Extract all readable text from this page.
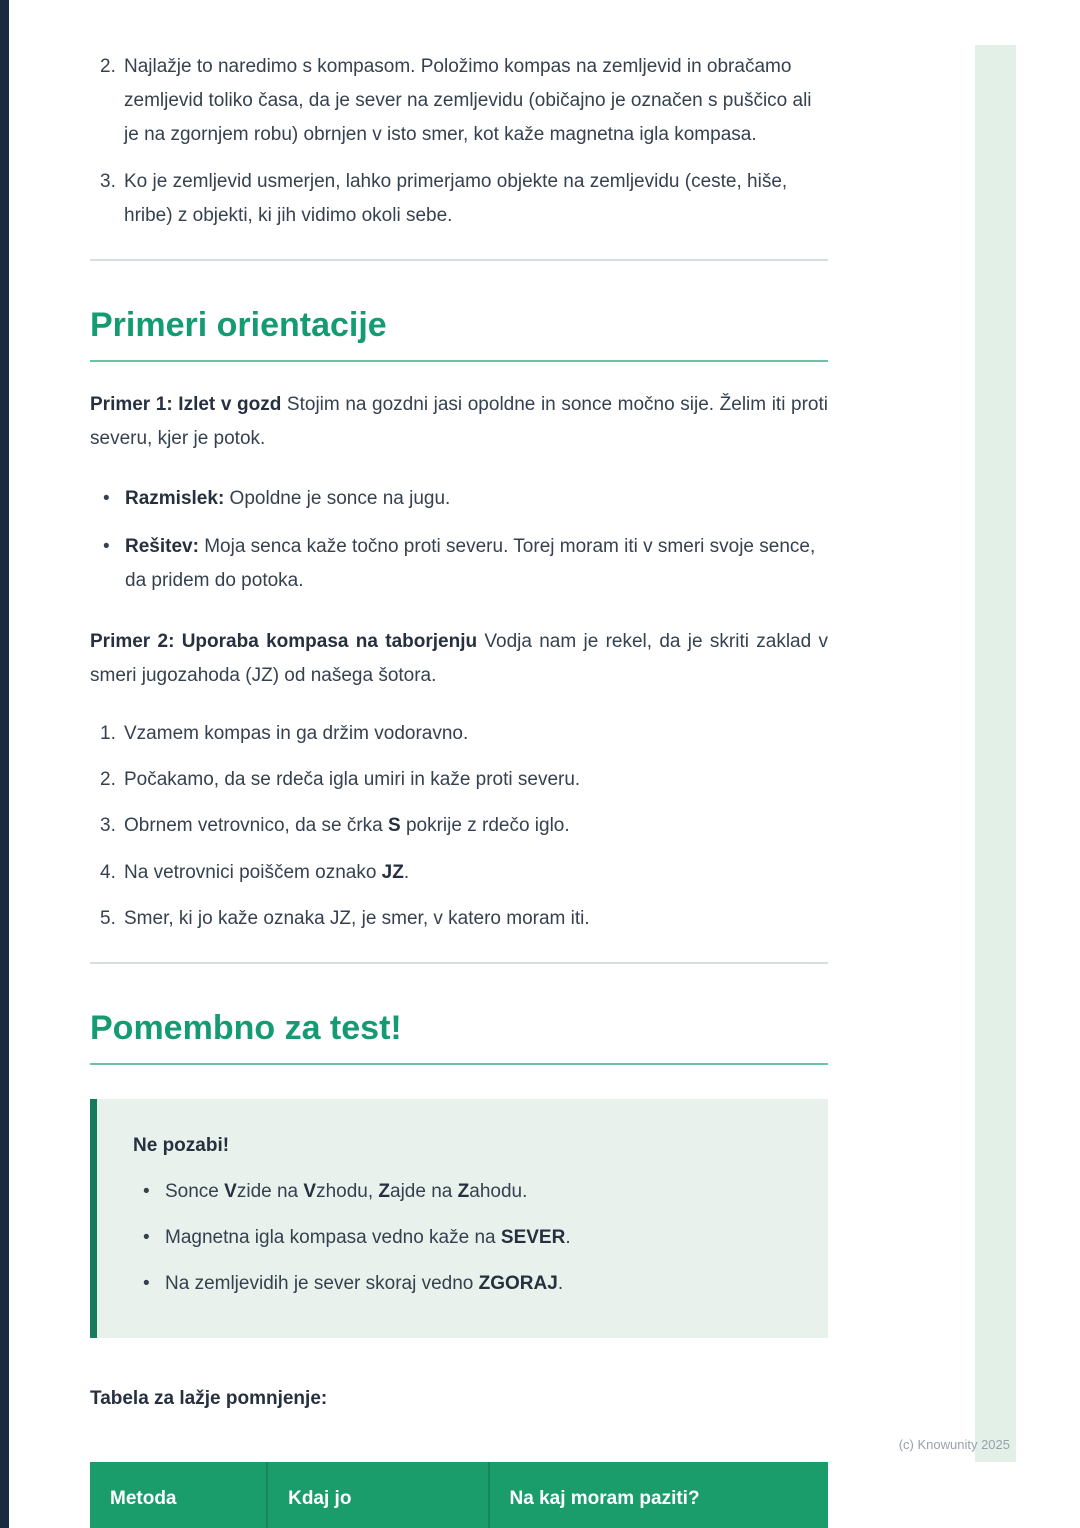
(c) Knowunity 2025
2. Najlažje to naredimo s kompasom. Položimo kompas na zemljevid in obračamo zemljevid toliko časa, da je sever na zemljevidu (običajno je označen s puščico ali je na zgornjem robu) obrnjen v isto smer, kot kaže magnetna igla kompasa.
3. Ko je zemljevid usmerjen, lahko primerjamo objekte na zemljevidu (ceste, hiše, hribe) z objekti, ki jih vidimo okoli sebe.
Primeri orientacije

Primer 1: Izlet v gozd Stojim na gozdni jasi opoldne in sonce močno sije. Želim iti proti severu, kjer je potok.

• Razmislek: Opoldne je sonce na jugu.
• Rešitev: Moja senca kaže točno proti severu. Torej moram iti v smeri svoje sence, da pridem do potoka.

Primer 2: Uporaba kompasa na taborjenju Vodja nam je rekel, da je skriti zaklad v smeri jugozahoda (JZ) od našega šotora.

1. Vzamem kompas in ga držim vodoravno.
2. Počakamo, da se rdeča igla umiri in kaže proti severu.
3. Obrnem vetrovnico, da se črka S pokrije z rdečo iglo.
4. Na vetrovnici poiščem oznako JZ.
5. Smer, ki jo kaže oznaka JZ, je smer, v katero moram iti.
Pomembno za test!

Ne pozabi!

• Sonce Vzide na Vzhodu, Zajde na Zahodu.
• Magnetna igla kompasa vedno kaže na SEVER.
• Na zemljevidih je sever skoraj vedno ZGORAJ.

Tabela za lažje pomnjenje:

Metoda	Kdaj jo	Na kaj moram paziti?
